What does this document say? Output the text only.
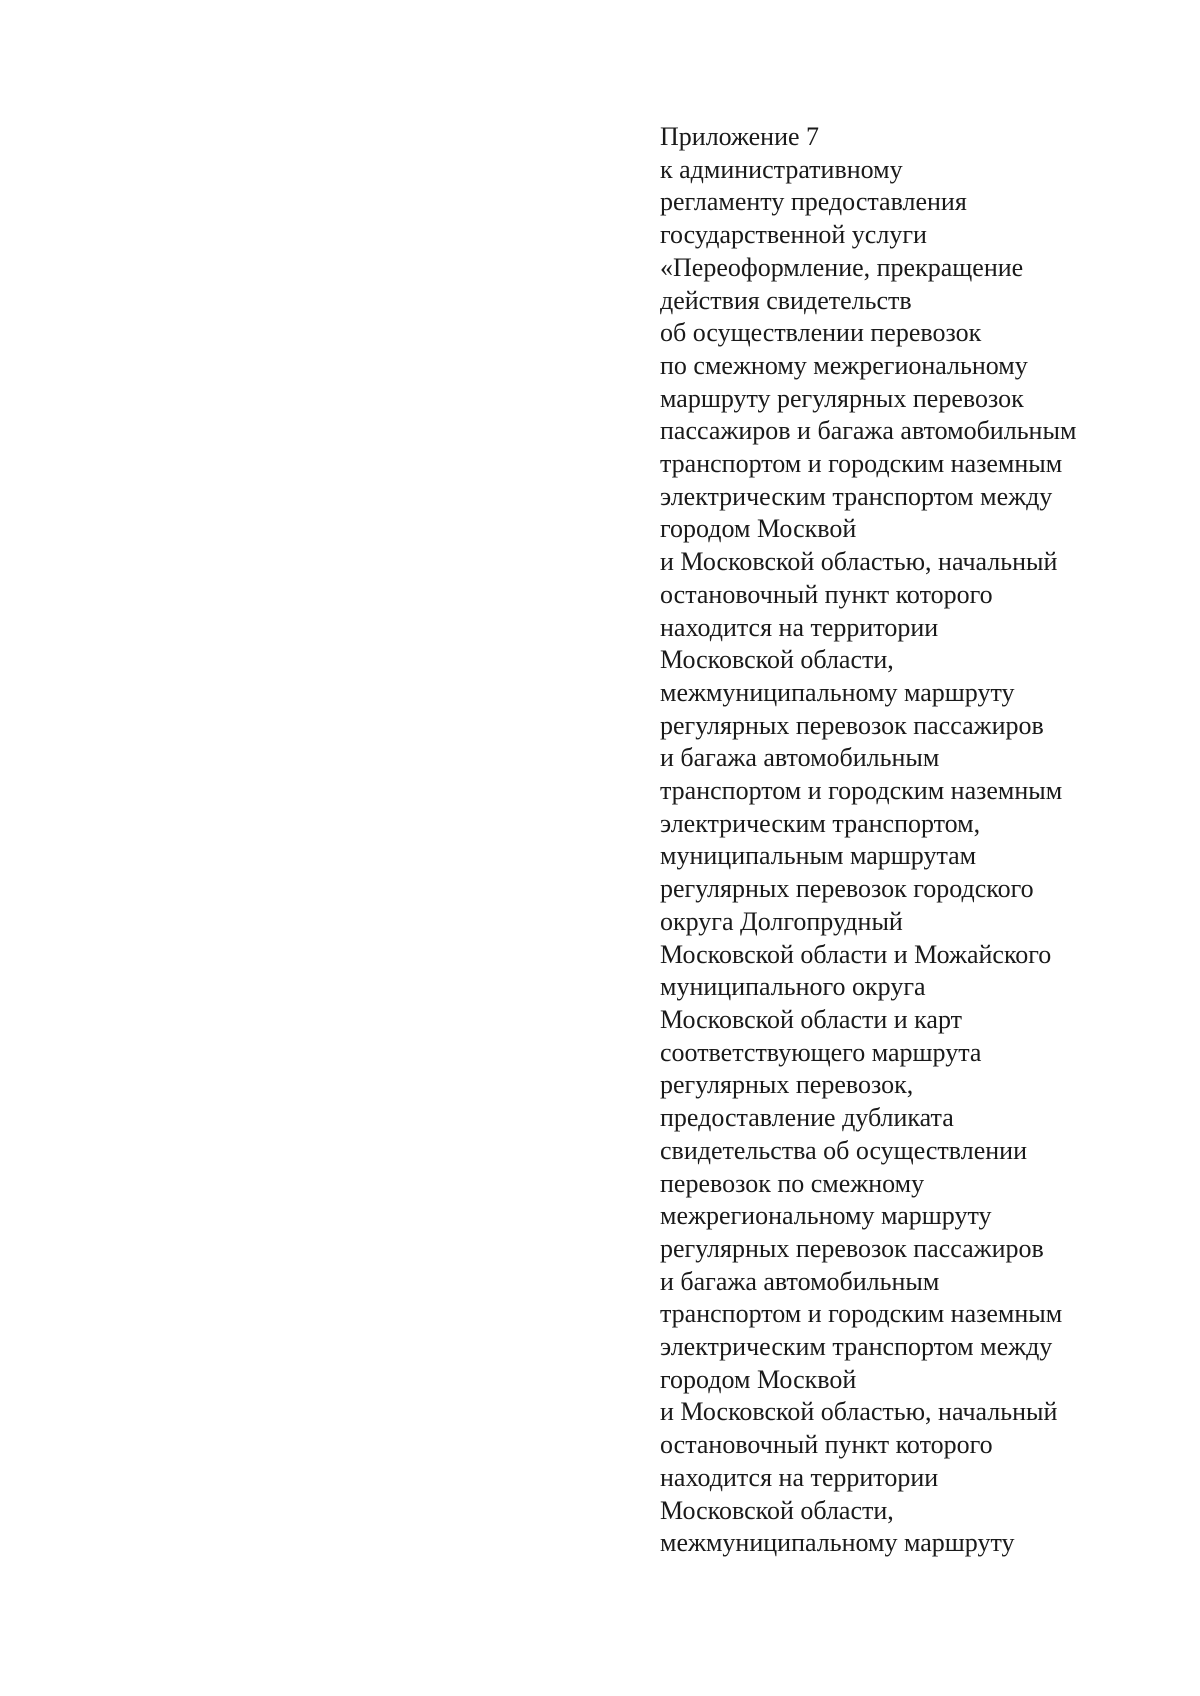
Приложение 7
к административному
регламенту предоставления
государственной услуги
«Переоформление, прекращение
действия свидетельств
об осуществлении перевозок
по смежному межрегиональному
маршруту регулярных перевозок
пассажиров и багажа автомобильным
транспортом и городским наземным
электрическим транспортом между
городом Москвой
и Московской областью, начальный
остановочный пункт которого
находится на территории
Московской области,
межмуниципальному маршруту
регулярных перевозок пассажиров
и багажа автомобильным
транспортом и городским наземным
электрическим транспортом,
муниципальным маршрутам
регулярных перевозок городского
округа Долгопрудный
Московской области и Можайского
муниципального округа
Московской области и карт
соответствующего маршрута
регулярных перевозок,
предоставление дубликата
свидетельства об осуществлении
перевозок по смежному
межрегиональному маршруту
регулярных перевозок пассажиров
и багажа автомобильным
транспортом и городским наземным
электрическим транспортом между
городом Москвой
и Московской областью, начальный
остановочный пункт которого
находится на территории
Московской области,
межмуниципальному маршруту
